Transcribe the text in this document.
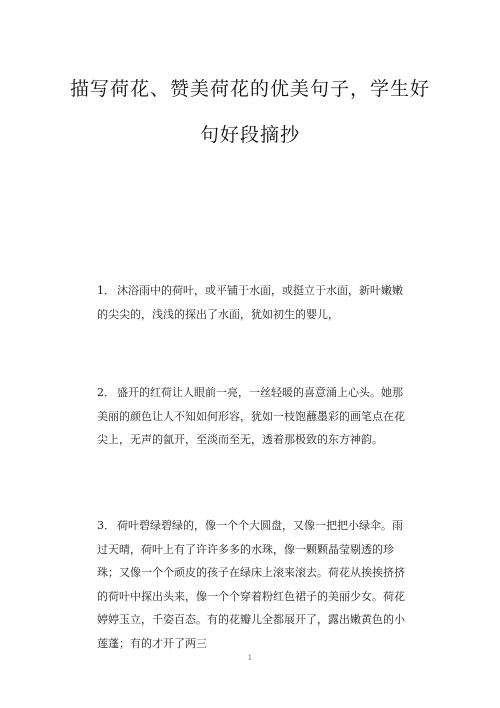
描写荷花、赞美荷花的优美句子，学生好
句好段摘抄
1． 沐浴雨中的荷叶，或平铺于水面，或挺立于水面，新叶嫩嫩的尖尖的，浅浅的探出了水面，犹如初生的婴儿，
2． 盛开的红荷让人眼前一亮，一丝轻暖的喜意涌上心头。她那美丽的颜色让人不知如何形容，犹如一枝饱蘸墨彩的画笔点在花尖上，无声的氤开，至淡而至无，透着那极致的东方神韵。
3． 荷叶碧绿碧绿的，像一个个大圆盘，又像一把把小绿伞。雨过天晴，荷叶上有了许许多多的水珠，像一颗颗晶莹剔透的珍珠；又像一个个顽皮的孩子在绿床上滚来滚去。荷花从挨挨挤挤的荷叶中探出头来，像一个个穿着粉红色裙子的美丽少女。荷花婷婷玉立，千姿百态。有的花瓣儿全都展开了，露出嫩黄色的小莲蓬；有的才开了两三
1
